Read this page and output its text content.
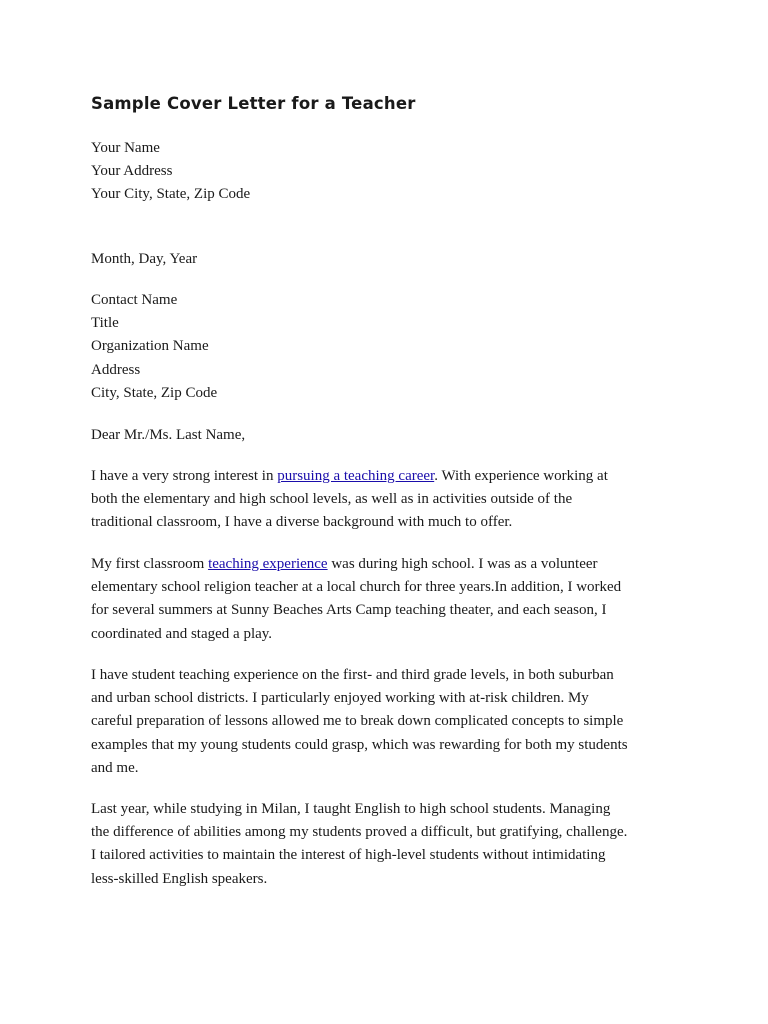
Sample Cover Letter for a Teacher
Your Name
Your Address
Your City, State, Zip Code
Month, Day, Year
Contact Name
Title
Organization Name
Address
City, State, Zip Code
Dear Mr./Ms. Last Name,
I have a very strong interest in pursuing a teaching career. With experience working at
both the elementary and high school levels, as well as in activities outside of the
traditional classroom, I have a diverse background with much to offer.
My first classroom teaching experience was during high school. I was as a volunteer
elementary school religion teacher at a local church for three years.In addition, I worked
for several summers at Sunny Beaches Arts Camp teaching theater, and each season, I
coordinated and staged a play.
I have student teaching experience on the first- and third grade levels, in both suburban
and urban school districts. I particularly enjoyed working with at-risk children. My
careful preparation of lessons allowed me to break down complicated concepts to simple
examples that my young students could grasp, which was rewarding for both my students
and me.
Last year, while studying in Milan, I taught English to high school students. Managing
the difference of abilities among my students proved a difficult, but gratifying, challenge.
I tailored activities to maintain the interest of high-level students without intimidating
less-skilled English speakers.
